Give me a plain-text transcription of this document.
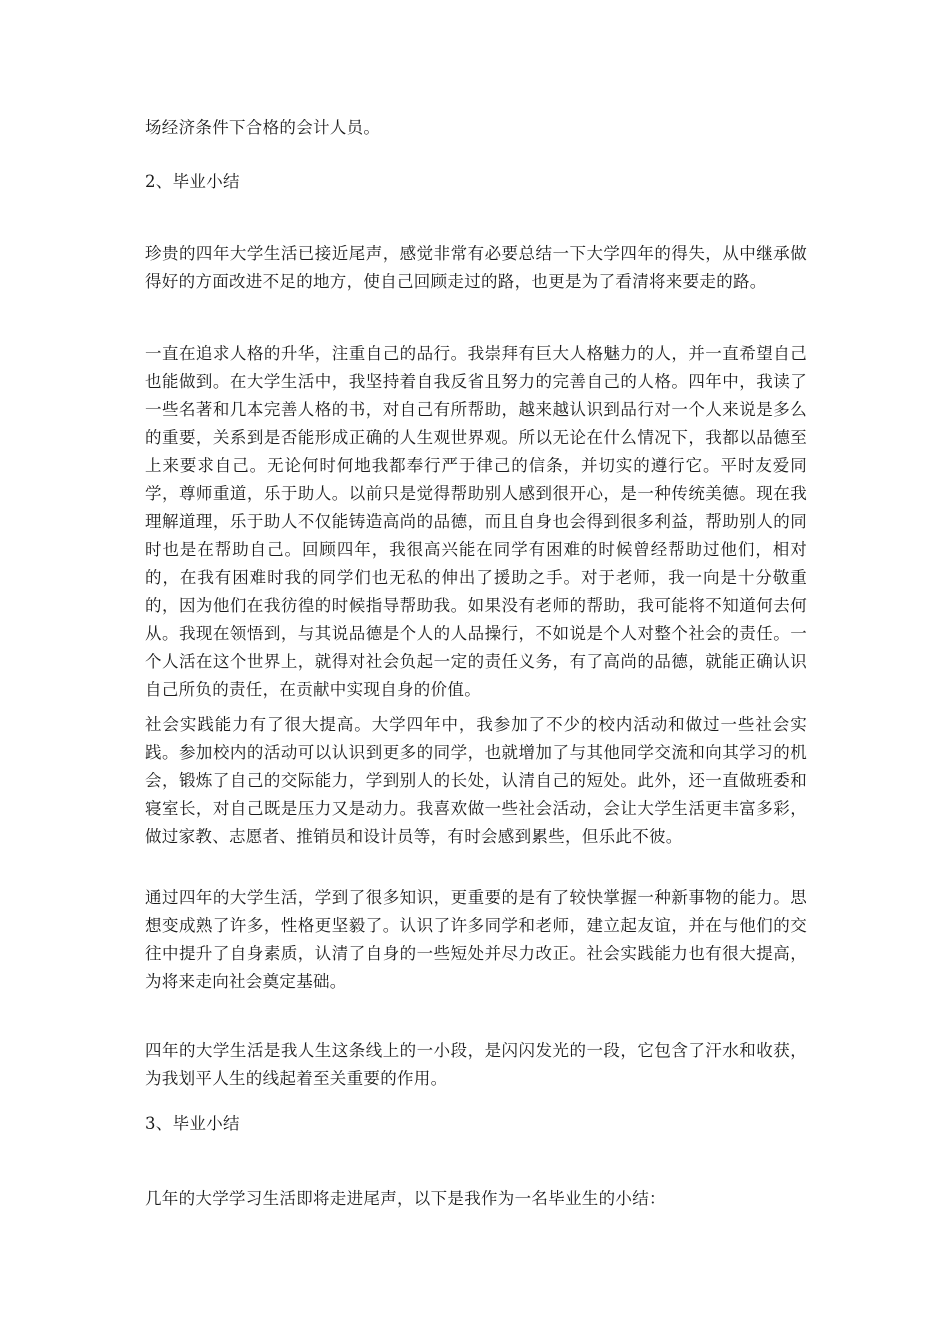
场经济条件下合格的会计人员。

2、毕业小结

珍贵的四年大学生活已接近尾声，感觉非常有必要总结一下大学四年的得失，从中继承做得好的方面改进不足的地方，使自己回顾走过的路，也更是为了看清将来要走的路。

一直在追求人格的升华，注重自己的品行。我崇拜有巨大人格魅力的人，并一直希望自己也能做到。在大学生活中，我坚持着自我反省且努力的完善自己的人格。四年中，我读了一些名著和几本完善人格的书，对自己有所帮助，越来越认识到品行对一个人来说是多么的重要，关系到是否能形成正确的人生观世界观。所以无论在什么情况下，我都以品德至上来要求自己。无论何时何地我都奉行严于律己的信条，并切实的遵行它。平时友爱同学，尊师重道，乐于助人。以前只是觉得帮助别人感到很开心，是一种传统美德。现在我理解道理，乐于助人不仅能铸造高尚的品德，而且自身也会得到很多利益，帮助别人的同时也是在帮助自己。回顾四年，我很高兴能在同学有困难的时候曾经帮助过他们，相对的，在我有困难时我的同学们也无私的伸出了援助之手。对于老师，我一向是十分敬重的，因为他们在我彷徨的时候指导帮助我。如果没有老师的帮助，我可能将不知道何去何从。我现在领悟到，与其说品德是个人的人品操行，不如说是个人对整个社会的责任。一个人活在这个世界上，就得对社会负起一定的责任义务，有了高尚的品德，就能正确认识自己所负的责任，在贡献中实现自身的价值。

社会实践能力有了很大提高。大学四年中，我参加了不少的校内活动和做过一些社会实践。参加校内的活动可以认识到更多的同学，也就增加了与其他同学交流和向其学习的机会，锻炼了自己的交际能力，学到别人的长处，认清自己的短处。此外，还一直做班委和寝室长，对自己既是压力又是动力。我喜欢做一些社会活动，会让大学生活更丰富多彩，做过家教、志愿者、推销员和设计员等，有时会感到累些，但乐此不彼。

通过四年的大学生活，学到了很多知识，更重要的是有了较快掌握一种新事物的能力。思想变成熟了许多，性格更坚毅了。认识了许多同学和老师，建立起友谊，并在与他们的交往中提升了自身素质，认清了自身的一些短处并尽力改正。社会实践能力也有很大提高，为将来走向社会奠定基础。

四年的大学生活是我人生这条线上的一小段，是闪闪发光的一段，它包含了汗水和收获，为我划平人生的线起着至关重要的作用。

3、毕业小结

几年的大学学习生活即将走进尾声，以下是我作为一名毕业生的小结：
